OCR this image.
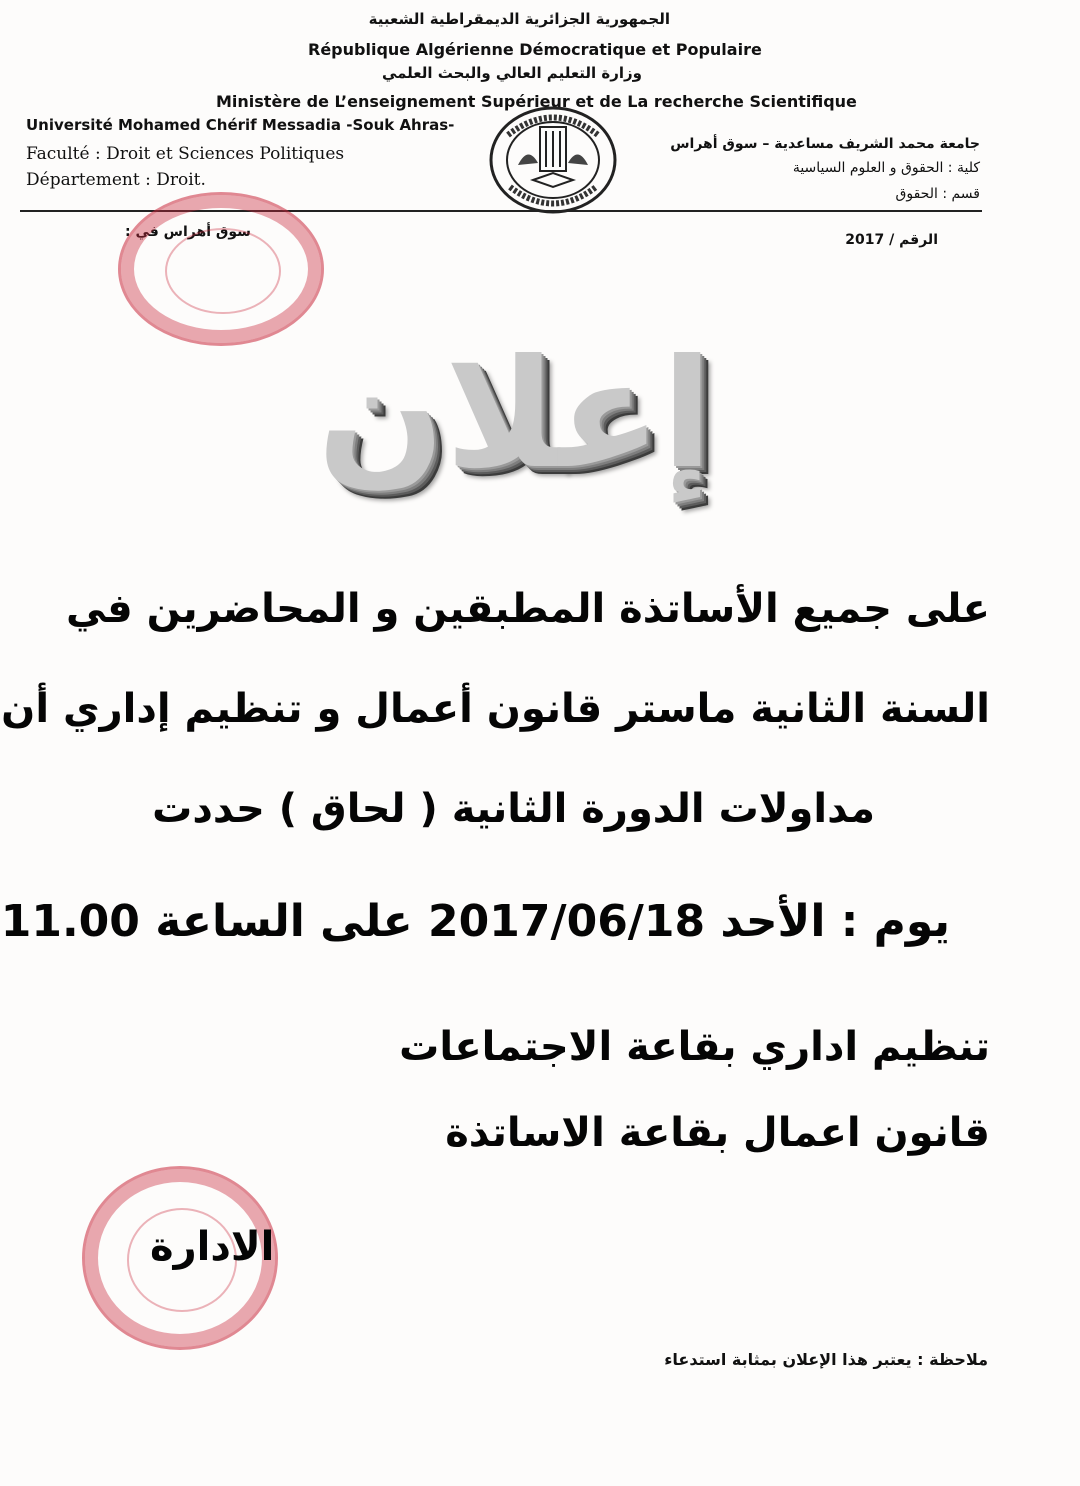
الجمهورية الجزائرية الديمقراطية الشعبية
République Algérienne Démocratique et Populaire
وزارة التعليم العالي والبحث العلمي
Ministère de L’enseignement Supérieur et de La recherche Scientifique
Université Mohamed Chérif Messadia -Souk Ahras-
Faculté : Droit et Sciences Politiques
Département : Droit.
جامعة محمد الشريف مساعدية – سوق أهراس
كلية : الحقوق و العلوم السياسية
قسم : الحقوق
سوق أهراس في :	الرقم / 2017
إعلان
على جميع الأساتذة المطبقين و المحاضرين في
السنة الثانية ماستر قانون أعمال و تنظيم إداري أن
مداولات الدورة الثانية ( لحاق ) حددت
يوم : الأحد 2017/06/18 على الساعة 11.00
تنظيم اداري بقاعة الاجتماعات
قانون اعمال بقاعة الاساتذة
الادارة
ملاحظة : يعتبر هذا الإعلان بمثابة استدعاء
